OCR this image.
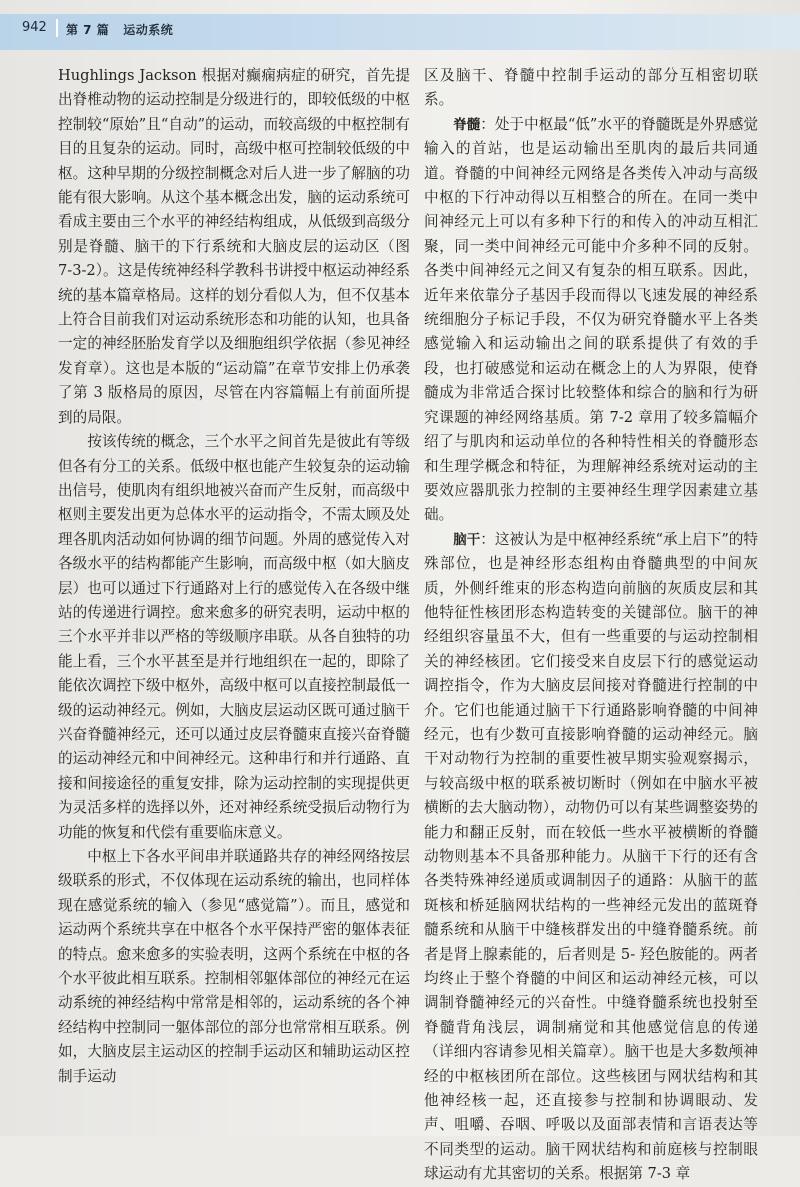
942 第 7 篇 运动系统

Hughlings Jackson 根据对癫痫病症的研究，首先提出脊椎动物的运动控制是分级进行的，即较低级的中枢控制较“原始”且“自动”的运动，而较高级的中枢控制有目的且复杂的运动。同时，高级中枢可控制较低级的中枢。这种早期的分级控制概念对后人进一步了解脑的功能有很大影响。从这个基本概念出发，脑的运动系统可看成主要由三个水平的神经结构组成，从低级到高级分别是脊髓、脑干的下行系统和大脑皮层的运动区（图 7-3-2）。这是传统神经科学教科书讲授中枢运动神经系统的基本篇章格局。这样的划分看似人为，但不仅基本上符合目前我们对运动系统形态和功能的认知，也具备一定的神经胚胎发育学以及细胞组织学依据（参见神经发育章）。这也是本版的“运动篇”在章节安排上仍承袭了第 3 版格局的原因，尽管在内容篇幅上有前面所提到的局限。

按该传统的概念，三个水平之间首先是彼此有等级但各有分工的关系。低级中枢也能产生较复杂的运动输出信号，使肌肉有组织地被兴奋而产生反射，而高级中枢则主要发出更为总体水平的运动指令，不需太顾及处理各肌肉活动如何协调的细节问题。外周的感觉传入对各级水平的结构都能产生影响，而高级中枢（如大脑皮层）也可以通过下行通路对上行的感觉传入在各级中继站的传递进行调控。愈来愈多的研究表明，运动中枢的三个水平并非以严格的等级顺序串联。从各自独特的功能上看，三个水平甚至是并行地组织在一起的，即除了能依次调控下级中枢外，高级中枢可以直接控制最低一级的运动神经元。例如，大脑皮层运动区既可通过脑干兴奋脊髓神经元，还可以通过皮层脊髓束直接兴奋脊髓的运动神经元和中间神经元。这种串行和并行通路、直接和间接途径的重复安排，除为运动控制的实现提供更为灵活多样的选择以外，还对神经系统受损后动物行为功能的恢复和代偿有重要临床意义。

中枢上下各水平间串并联通路共存的神经网络按层级联系的形式，不仅体现在运动系统的输出，也同样体现在感觉系统的输入（参见“感觉篇”）。而且，感觉和运动两个系统共享在中枢各个水平保持严密的躯体表征的特点。愈来愈多的实验表明，这两个系统在中枢的各个水平彼此相互联系。控制相邻躯体部位的神经元在运动系统的神经结构中常常是相邻的，运动系统的各个神经结构中控制同一躯体部位的部分也常常相互联系。例如，大脑皮层主运动区的控制手运动区和辅助运动区控制手运动

区及脑干、脊髓中控制手运动的部分互相密切联系。

脊髓：处于中枢最“低”水平的脊髓既是外界感觉输入的首站，也是运动输出至肌肉的最后共同通道。脊髓的中间神经元网络是各类传入冲动与高级中枢的下行冲动得以互相整合的所在。在同一类中间神经元上可以有多种下行的和传入的冲动互相汇聚，同一类中间神经元可能中介多种不同的反射。各类中间神经元之间又有复杂的相互联系。因此，近年来依靠分子基因手段而得以飞速发展的神经系统细胞分子标记手段，不仅为研究脊髓水平上各类感觉输入和运动输出之间的联系提供了有效的手段，也打破感觉和运动在概念上的人为界限，使脊髓成为非常适合探讨比较整体和综合的脑和行为研究课题的神经网络基质。第 7-2 章用了较多篇幅介绍了与肌肉和运动单位的各种特性相关的脊髓形态和生理学概念和特征，为理解神经系统对运动的主要效应器肌张力控制的主要神经生理学因素建立基础。

脑干：这被认为是中枢神经系统“承上启下”的特殊部位，也是神经形态组构由脊髓典型的中间灰质，外侧纤维束的形态构造向前脑的灰质皮层和其他特征性核团形态构造转变的关键部位。脑干的神经组织容量虽不大，但有一些重要的与运动控制相关的神经核团。它们接受来自皮层下行的感觉运动调控指令，作为大脑皮层间接对脊髓进行控制的中介。它们也能通过脑干下行通路影响脊髓的中间神经元，也有少数可直接影响脊髓的运动神经元。脑干对动物行为控制的重要性被早期实验观察揭示，与较高级中枢的联系被切断时（例如在中脑水平被横断的去大脑动物），动物仍可以有某些调整姿势的能力和翻正反射，而在较低一些水平被横断的脊髓动物则基本不具备那种能力。从脑干下行的还有含各类特殊神经递质或调制因子的通路：从脑干的蓝斑核和桥延脑网状结构的一些神经元发出的蓝斑脊髓系统和从脑干中缝核群发出的中缝脊髓系统。前者是肾上腺素能的，后者则是 5- 羟色胺能的。两者均终止于整个脊髓的中间区和运动神经元核，可以调制脊髓神经元的兴奋性。中缝脊髓系统也投射至脊髓背角浅层，调制痛觉和其他感觉信息的传递（详细内容请参见相关篇章）。脑干也是大多数颅神经的中枢核团所在部位。这些核团与网状结构和其他神经核一起，还直接参与控制和协调眼动、发声、咀嚼、吞咽、呼吸以及面部表情和言语表达等不同类型的运动。脑干网状结构和前庭核与控制眼球运动有尤其密切的关系。根据第 7-3 章
